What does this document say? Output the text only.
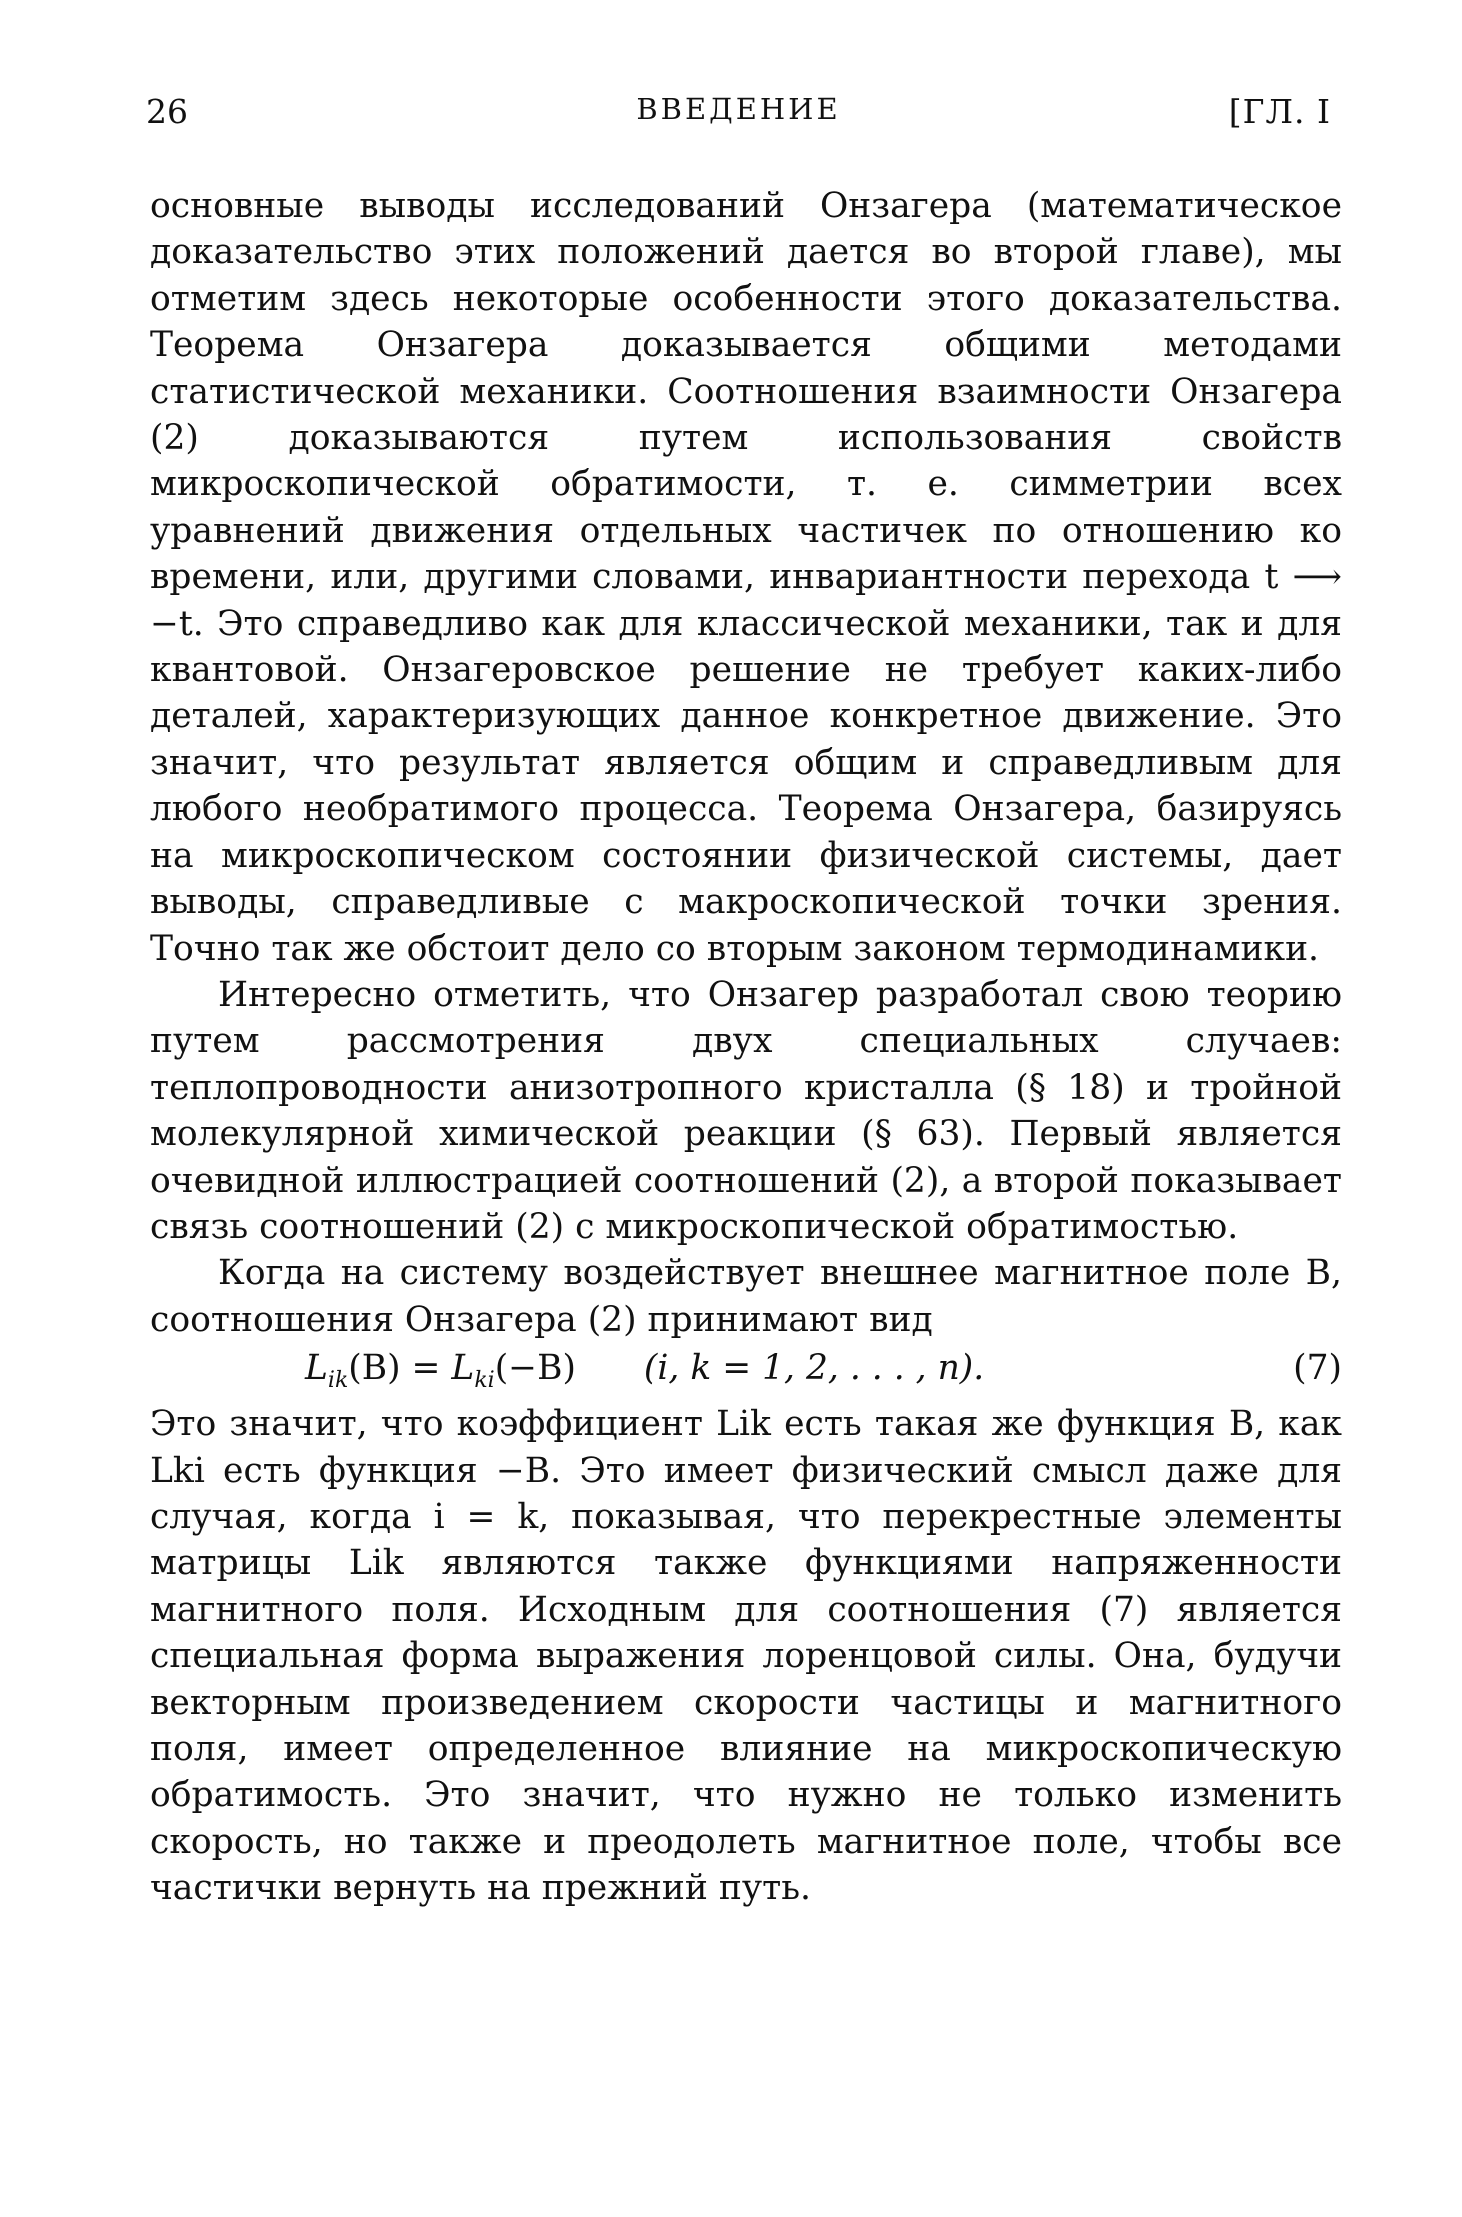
26	ВВЕДЕНИЕ	[ГЛ. I

основные выводы исследований Онзагера (математическое доказательство этих положений дается во второй главе), мы отметим здесь некоторые особенности этого доказательства. Теорема Онзагера доказывается общими методами статистической механики. Соотношения взаимности Онзагера (2) доказываются путем использования свойств микроскопической обратимости, т. е. симметрии всех уравнений движения отдельных частичек по отношению ко времени, или, другими словами, инвариантности перехода t ⟶ −t. Это справедливо как для классической механики, так и для квантовой. Онзагеровское решение не требует каких-либо деталей, характеризующих данное конкретное движение. Это значит, что результат является общим и справедливым для любого необратимого процесса. Теорема Онзагера, базируясь на микроскопическом состоянии физической системы, дает выводы, справедливые с макроскопической точки зрения. Точно так же обстоит дело со вторым законом термодинамики.

Интересно отметить, что Онзагер разработал свою теорию путем рассмотрения двух специальных случаев: теплопроводности анизотропного кристалла (§ 18) и тройной молекулярной химической реакции (§ 63). Первый является очевидной иллюстрацией соотношений (2), а второй показывает связь соотношений (2) с микроскопической обратимостью.

Когда на систему воздействует внешнее магнитное поле B, соотношения Онзагера (2) принимают вид

$L_{ik}(B) = L_{ki}(-B)$ (i, k = 1, 2, . . . , n).	(7)

Это значит, что коэффициент Lik есть такая же функция B, как Lki есть функция −B. Это имеет физический смысл даже для случая, когда i = k, показывая, что перекрестные элементы матрицы Lik являются также функциями напряженности магнитного поля. Исходным для соотношения (7) является специальная форма выражения лоренцовой силы. Она, будучи векторным произведением скорости частицы и магнитного поля, имеет определенное влияние на микроскопическую обратимость. Это значит, что нужно не только изменить скорость, но также и преодолеть магнитное поле, чтобы все частички вернуть на прежний путь.
